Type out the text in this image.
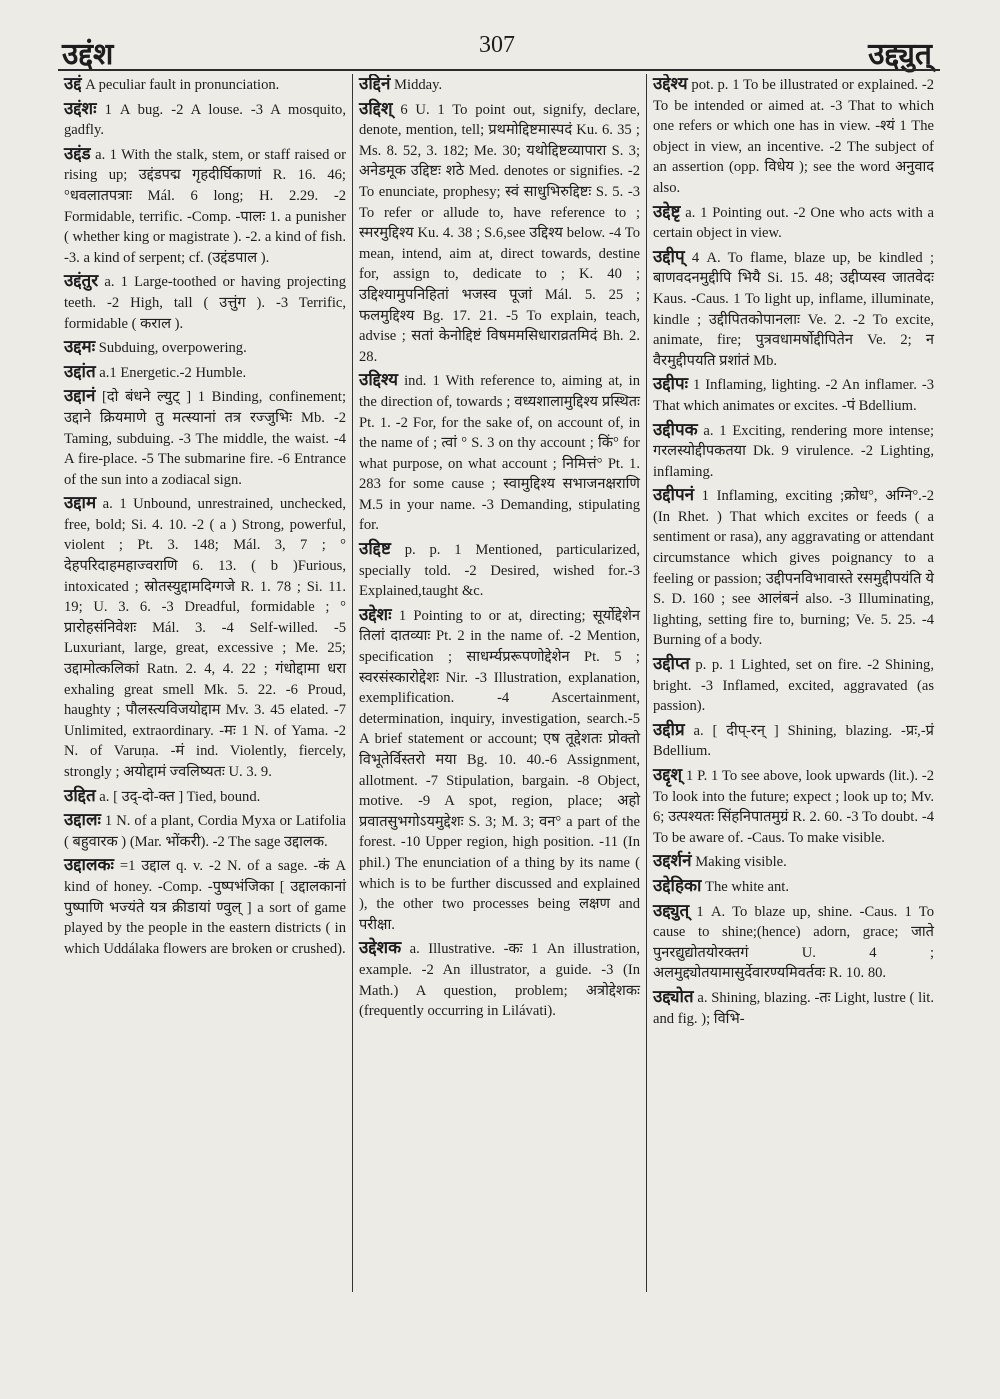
उद्दंश	307	उद्द्युत्

उद्दं A peculiar fault in pronunciation.

उद्दंशः 1 A bug. -2 A louse. -3 A mosquito, gadfly.

उद्दंड a. 1 With the stalk, stem, or staff raised or rising up; उद्दंडपद्म गृहदीर्घिकाणां R. 16. 46; °धवलातपत्राः Mál. 6 long; H. 2.29. -2 Formidable, terrific. -Comp. -पालः 1. a punisher ( whether king or magistrate ). -2. a kind of fish. -3. a kind of serpent; cf. (उद्दंडपाल ).

उद्दंतुर a. 1 Large-toothed or having projecting teeth. -2 High, tall ( उत्तुंग ). -3 Terrific, formidable ( कराल ).

उद्दमः Subduing, overpowering.

उद्दांत a.1 Energetic.-2 Humble.

उद्दानं [दो बंधने ल्युट् ] 1 Binding, confinement; उद्दाने क्रियमाणे तु मत्स्यानां तत्र रज्जुभिः Mb. -2 Taming, subduing. -3 The middle, the waist. -4 A fire-place. -5 The submarine fire. -6 Entrance of the sun into a zodiacal sign.

उद्दाम a. 1 Unbound, unrestrained, unchecked, free, bold; Si. 4. 10. -2 ( a ) Strong, powerful, violent ; Pt. 3. 148; Mál. 3, 7 ; ° देहपरिदाहमहाज्वराणि 6. 13. ( b )Furious, intoxicated ; स्रोतस्युद्दामदिग्गजे R. 1. 78 ; Si. 11. 19; U. 3. 6. -3 Dreadful, formidable ; ° प्रारोहसंनिवेशः Mál. 3. -4 Self-willed. -5 Luxuriant, large, great, excessive ; Me. 25; उद्दामोत्कलिकां Ratn. 2. 4, 4. 22 ; गंधोद्दामा धरा exhaling great smell Mk. 5. 22. -6 Proud, haughty ; पौलस्त्यविजयोद्दाम Mv. 3. 45 elated. -7 Unlimited, extraordinary. -मः 1 N. of Yama. -2 N. of Varuṇa. -मं ind. Violently, fiercely, strongly ; अयोद्दामं ज्वलिष्यतः U. 3. 9.

उद्दित a. [ उद्-दो-क्त ] Tied, bound.

उद्दालः 1 N. of a plant, Cordia Myxa or Latifolia ( बहुवारक ) (Mar. भोंकरी). -2 The sage उद्दालक.

उद्दालकः =1 उद्दाल q. v. -2 N. of a sage. -कं A kind of honey. -Comp. -पुष्पभंजिका [ उद्दालकानां पुष्पाणि भज्यंते यत्र क्रीडायां ण्वुल् ] a sort of game played by the people in the eastern districts ( in which Uddálaka flowers are broken or crushed).

उद्दिनं Midday.

उद्दिश् 6 U. 1 To point out, signify, declare, denote, mention, tell; प्रथमोद्दिष्टमास्पदं Ku. 6. 35 ; Ms. 8. 52, 3. 182; Me. 30; यथोद्दिष्टव्यापारा S. 3; अनेडमूक उद्दिष्टः शठे Med. denotes or signifies. -2 To enunciate, prophesy; स्वं साधुभिरुद्दिष्टः S. 5. -3 To refer or allude to, have reference to ; स्मरमुद्दिश्य Ku. 4. 38 ; S.6,see उद्दिश्य below. -4 To mean, intend, aim at, direct towards, destine for, assign to, dedicate to ; K. 40 ; उद्दिश्यामुपनिहितां भजस्व पूजां Mál. 5. 25 ; फलमुद्दिश्य Bg. 17. 21. -5 To explain, teach, advise ; सतां केनोद्दिष्टं विषममसिधाराव्रतमिदं Bh. 2. 28.

उद्दिश्य ind. 1 With reference to, aiming at, in the direction of, towards ; वध्यशालामुद्दिश्य प्रस्थितः Pt. 1. -2 For, for the sake of, on account of, in the name of ; त्वां ° S. 3 on thy account ; किं° for what purpose, on what account ; निमित्तं° Pt. 1. 283 for some cause ; स्वामुद्दिश्य सभाजनक्षराणि M.5 in your name. -3 Demanding, stipulating for.

उद्दिष्ट p. p. 1 Mentioned, particularized, specially told. -2 Desired, wished for.-3 Explained,taught &c.

उद्देशः 1 Pointing to or at, directing; सूर्योद्देशेन तिलां दातव्याः Pt. 2 in the name of. -2 Mention, specification ; साधर्म्यप्ररूपणोद्देशेन Pt. 5 ; स्वरसंस्कारोद्देशः Nir. -3 Illustration, explanation, exemplification. -4 Ascertainment, determination, inquiry, investigation, search.-5 A brief statement or account; एष तूद्देशतः प्रोक्तो विभूतेर्विस्तरो मया Bg. 10. 40.-6 Assignment, allotment. -7 Stipulation, bargain. -8 Object, motive. -9 A spot, region, place; अहो प्रवातसुभगोऽयमुद्देशः S. 3; M. 3; वन° a part of the forest. -10 Upper region, high position. -11 (In phil.) The enunciation of a thing by its name ( which is to be further discussed and explained ), the other two processes being लक्षण and परीक्षा.

उद्देशक a. Illustrative. -कः 1 An illustration, example. -2 An illustrator, a guide. -3 (In Math.) A question, problem; अत्रोद्देशकः (frequently occurring in Lilávati).

उद्देश्य pot. p. 1 To be illustrated or explained. -2 To be intended or aimed at. -3 That to which one refers or which one has in view. -श्यं 1 The object in view, an incentive. -2 The subject of an assertion (opp. विधेय ); see the word अनुवाद also.

उद्देष्टृ a. 1 Pointing out. -2 One who acts with a certain object in view.

उद्दीप् 4 A. To flame, blaze up, be kindled ; बाणवदनमुद्दीपि भियै Si. 15. 48; उद्दीप्यस्व जातवेदः Kaus. -Caus. 1 To light up, inflame, illuminate, kindle ; उद्दीपितकोपानलाः Ve. 2. -2 To excite, animate, fire; पुत्रवधामर्षोद्दीपितेन Ve. 2; न वैरमुद्दीपयति प्रशांतं Mb.

उद्दीपः 1 Inflaming, lighting. -2 An inflamer. -3 That which animates or excites. -पं Bdellium.

उद्दीपक a. 1 Exciting, rendering more intense; गरलस्योद्दीपकतया Dk. 9 virulence. -2 Lighting, inflaming.

उद्दीपनं 1 Inflaming, exciting ;क्रोध°, अग्नि°.-2 (In Rhet. ) That which excites or feeds ( a sentiment or rasa), any aggravating or attendant circumstance which gives poignancy to a feeling or passion; उद्दीपनविभावास्ते रसमुद्दीपयंति ये S. D. 160 ; see आलंबनं also. -3 Illuminating, lighting, setting fire to, burning; Ve. 5. 25. -4 Burning of a body.

उद्दीप्त p. p. 1 Lighted, set on fire. -2 Shining, bright. -3 Inflamed, excited, aggravated (as passion).

उद्दीप्र a. [ दीप्-रन् ] Shining, blazing. -प्रः,-प्रं Bdellium.

उद्दृश् 1 P. 1 To see above, look upwards (lit.). -2 To look into the future; expect ; look up to; Mv. 6; उत्पश्यतः सिंहनिपातमुग्रं R. 2. 60. -3 To doubt. -4 To be aware of. -Caus. To make visible.

उद्दर्शनं Making visible.

उद्देहिका The white ant.

उद्द्युत् 1 A. To blaze up, shine. -Caus. 1 To cause to shine;(hence) adorn, grace; जाते पुनरद्युद्योतयोरक्तगं U. 4 ; अलमुद्द्योतयामासुर्देवारण्यमिवर्तवः R. 10. 80.

उद्द्योत a. Shining, blazing. -तः Light, lustre ( lit. and fig. ); विभि-
